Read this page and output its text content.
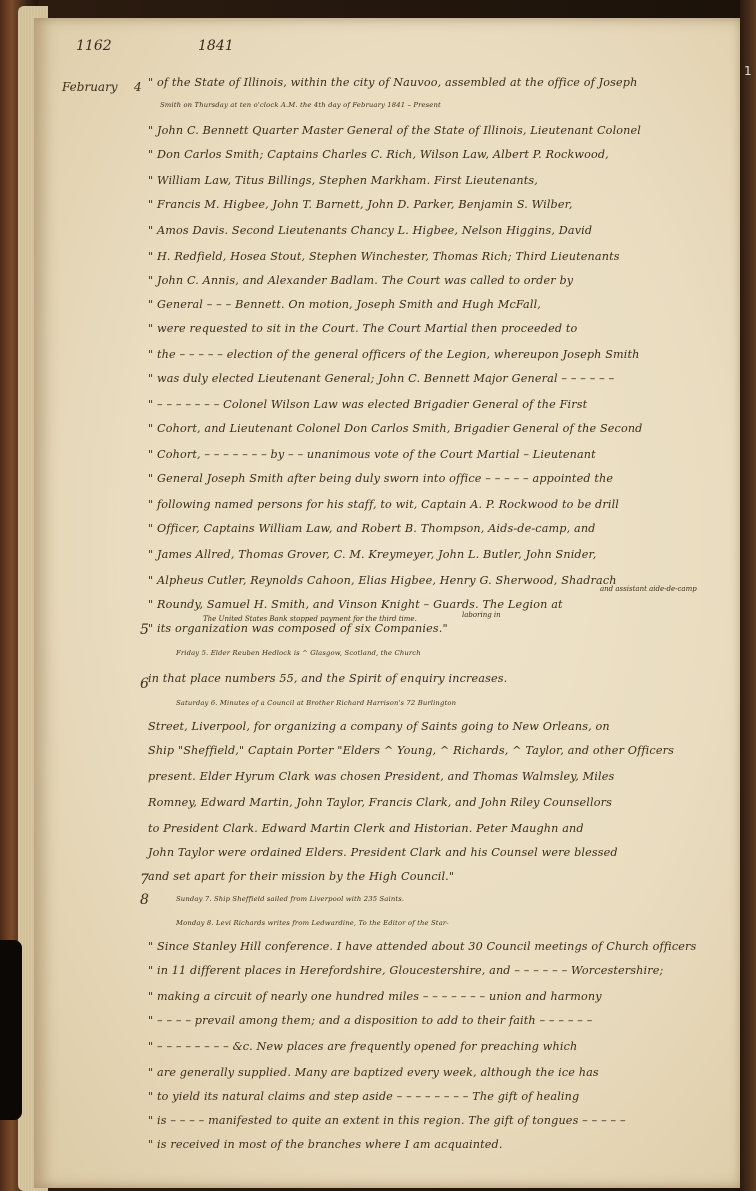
1
1162	1841
February 4
5
6
7
8
The United States Bank stopped payment for the third time.	laboring in
and assistant aide-de-camp
" of the State of Illinois, within the city of Nauvoo, assembled at the office of Joseph
Smith on Thursday at ten o'clock A.M. the 4th day of February 1841 – Present
" John C. Bennett Quarter Master General of the State of Illinois, Lieutenant Colonel
" Don Carlos Smith; Captains Charles C. Rich, Wilson Law, Albert P. Rockwood,
" William Law, Titus Billings, Stephen Markham. First Lieutenants,
" Francis M. Higbee, John T. Barnett, John D. Parker, Benjamin S. Wilber,
" Amos Davis. Second Lieutenants Chancy L. Higbee, Nelson Higgins, David
" H. Redfield, Hosea Stout, Stephen Winchester, Thomas Rich; Third Lieutenants
" John C. Annis, and Alexander Badlam. The Court was called to order by
" General – – – Bennett. On motion, Joseph Smith and Hugh McFall,
" were requested to sit in the Court. The Court Martial then proceeded to
" the – – – – – election of the general officers of the Legion, whereupon Joseph Smith
" was duly elected Lieutenant General; John C. Bennett Major General – – – – – –
" – – – – – – – Colonel Wilson Law was elected Brigadier General of the First
" Cohort, and Lieutenant Colonel Don Carlos Smith, Brigadier General of the Second
" Cohort, – – – – – – – by – – unanimous vote of the Court Martial – Lieutenant
" General Joseph Smith after being duly sworn into office – – – – – appointed the
" following named persons for his staff, to wit, Captain A. P. Rockwood to be drill
" Officer, Captains William Law, and Robert B. Thompson, Aids-de-camp, and
" James Allred, Thomas Grover, C. M. Kreymeyer, John L. Butler, John Snider,
" Alpheus Cutler, Reynolds Cahoon, Elias Higbee, Henry G. Sherwood, Shadrach
" Roundy, Samuel H. Smith, and Vinson Knight – Guards. The Legion at
" its organization was composed of six Companies."
Friday 5. Elder Reuben Hedlock is ^ Glasgow, Scotland, the Church
in that place numbers 55, and the Spirit of enquiry increases.
Saturday 6. Minutes of a Council at Brother Richard Harrison's 72 Burlington
Street, Liverpool, for organizing a company of Saints going to New Orleans, on
Ship "Sheffield," Captain Porter "Elders ^ Young, ^ Richards, ^ Taylor, and other Officers
present. Elder Hyrum Clark was chosen President, and Thomas Walmsley, Miles
Romney, Edward Martin, John Taylor, Francis Clark, and John Riley Counsellors
to President Clark. Edward Martin Clerk and Historian. Peter Maughn and
John Taylor were ordained Elders. President Clark and his Counsel were blessed
and set apart for their mission by the High Council."
Sunday 7. Ship Sheffield sailed from Liverpool with 235 Saints.
Monday 8. Levi Richards writes from Ledwardine, To the Editor of the Star-
" Since Stanley Hill conference. I have attended about 30 Council meetings of Church officers
" in 11 different places in Herefordshire, Gloucestershire, and – – – – – – Worcestershire;
" making a circuit of nearly one hundred miles – – – – – – – union and harmony
" – – – – prevail among them; and a disposition to add to their faith – – – – – –
" – – – – – – – – &c. New places are frequently opened for preaching which
" are generally supplied. Many are baptized every week, although the ice has
" to yield its natural claims and step aside – – – – – – – – The gift of healing
" is – – – – manifested to quite an extent in this region. The gift of tongues – – – – –
" is received in most of the branches where I am acquainted.
